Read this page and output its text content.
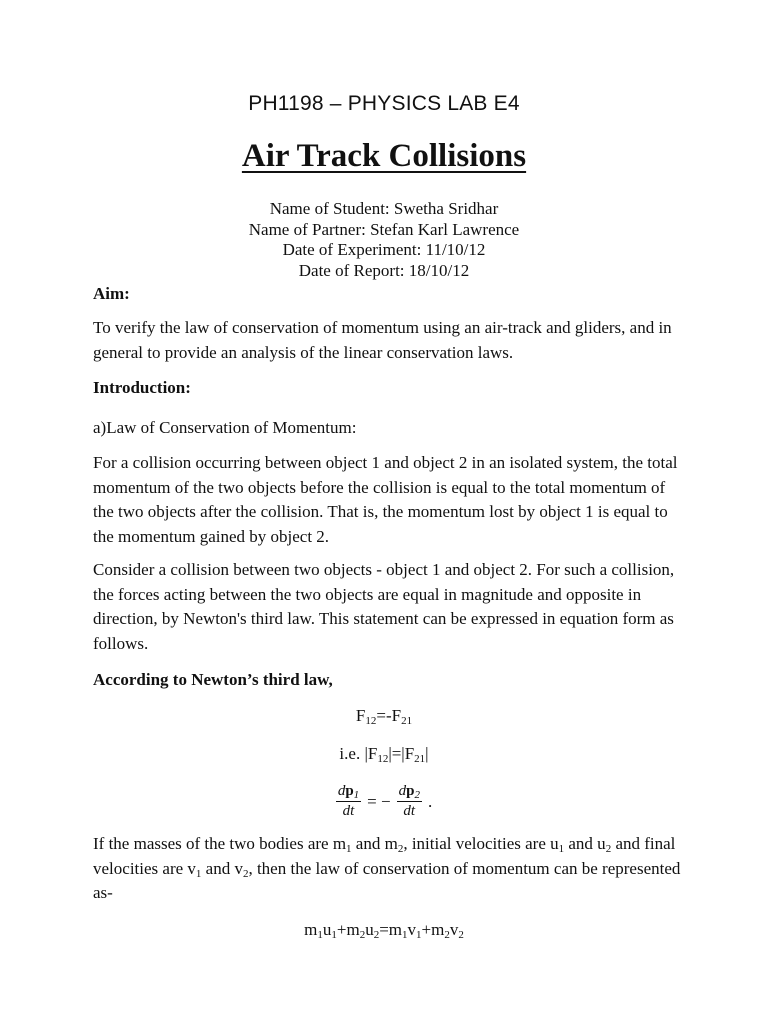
PH1198 – PHYSICS LAB E4
Air Track Collisions
Name of Student: Swetha Sridhar
Name of Partner: Stefan Karl Lawrence
Date of Experiment: 11/10/12
Date of Report: 18/10/12
Aim:
To verify the law of conservation of momentum using an air-track and gliders, and in general to provide an analysis of the linear conservation laws.
Introduction:
a)Law of Conservation of Momentum:
For a collision occurring between object 1 and object 2 in an isolated system, the total momentum of the two objects before the collision is equal to the total momentum of the two objects after the collision. That is, the momentum lost by object 1 is equal to the momentum gained by object 2.
Consider a collision between two objects - object 1 and object 2. For such a collision, the forces acting between the two objects are equal in magnitude and opposite in direction, by Newton's third law. This statement can be expressed in equation form as follows.
According to Newton’s third law,
$F_{12}=-F_{21}$
i.e. $|F_{12}|=|F_{21}|$
$\frac{dp_1}{dt}$ = − $\frac{dp_2}{dt}$ .
If the masses of the two bodies are $m_1$ and $m_2$, initial velocities are $u_1$ and $u_2$ and final velocities are $v_1$ and $v_2$, then the law of conservation of momentum can be represented as-
$m_1u_1+m_2u_2=m_1v_1+m_2v_2$
